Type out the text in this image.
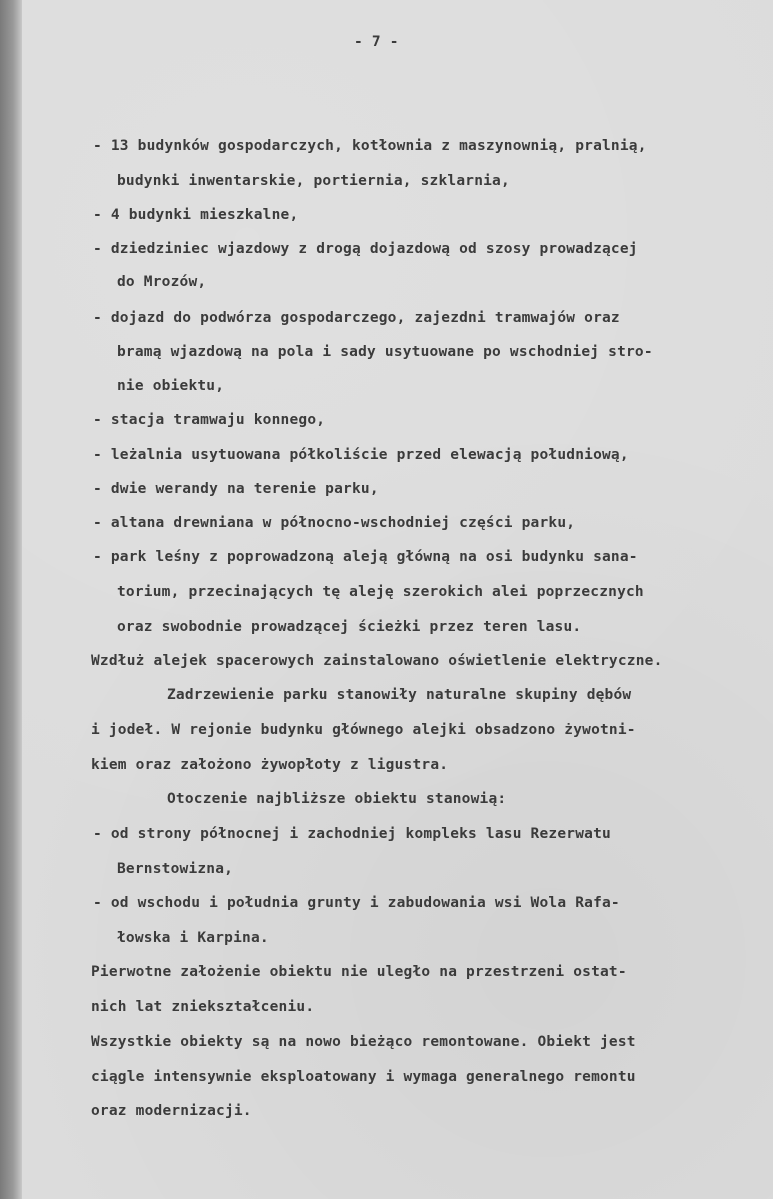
- 7 -
- 13 budynków gospodarczych, kotłownia z maszynownią, pralnią,
budynki inwentarskie, portiernia, szklarnia,
- 4 budynki mieszkalne,
- dziedziniec wjazdowy z drogą dojazdową od szosy prowadzącej
do Mrozów,
- dojazd do podwórza gospodarczego, zajezdni tramwajów oraz
bramą wjazdową na pola i sady usytuowane po wschodniej stro-
nie obiektu,
- stacja tramwaju konnego,
- leżalnia usytuowana półkoliście przed elewacją południową,
- dwie werandy na terenie parku,
- altana drewniana w północno-wschodniej części parku,
- park leśny z poprowadzoną aleją główną na osi budynku sana-
torium, przecinających tę aleję szerokich alei poprzecznych
oraz swobodnie prowadzącej ścieżki przez teren lasu.
Wzdłuż alejek spacerowych zainstalowano oświetlenie elektryczne.
Zadrzewienie parku stanowiły naturalne skupiny dębów
i jodeł. W rejonie budynku głównego alejki obsadzono żywotni-
kiem oraz założono żywopłoty z ligustra.
Otoczenie najbliższe obiektu stanowią:
- od strony północnej i zachodniej kompleks lasu Rezerwatu
Bernstowizna,
- od wschodu i południa grunty i zabudowania wsi Wola Rafa-
łowska i Karpina.
Pierwotne założenie obiektu nie uległo na przestrzeni ostat-
nich lat zniekształceniu.
Wszystkie obiekty są na nowo bieżąco remontowane. Obiekt jest
ciągle intensywnie eksploatowany i wymaga generalnego remontu
oraz modernizacji.
